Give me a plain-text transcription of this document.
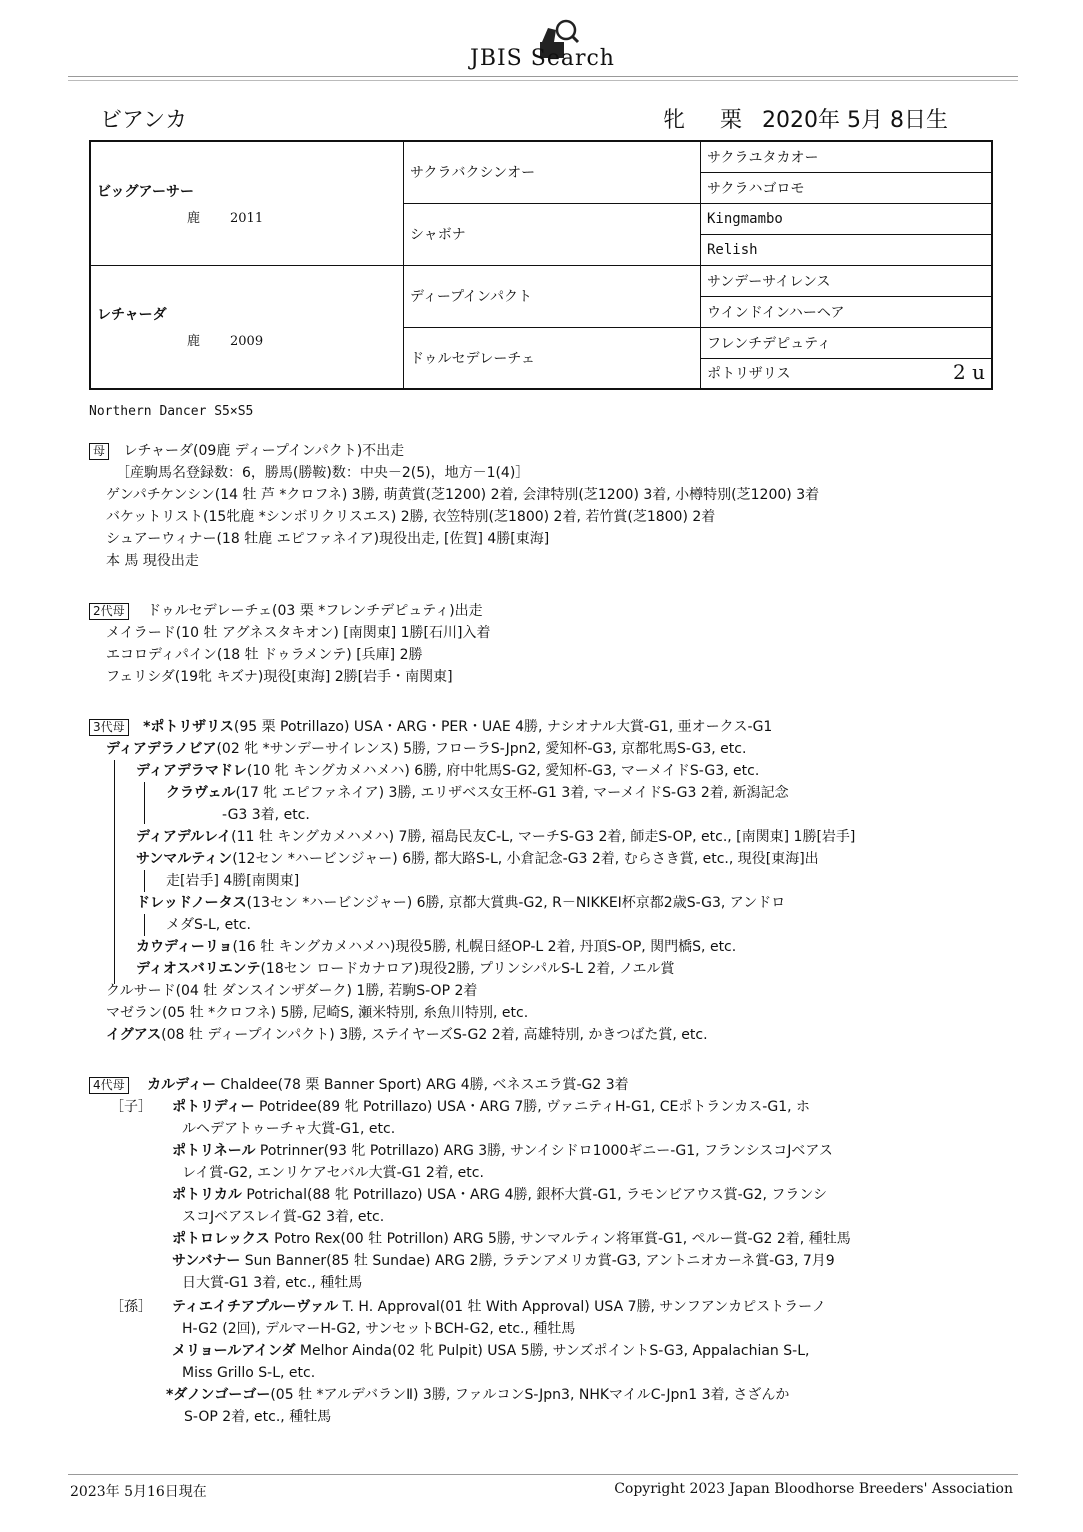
JBIS Search
ビアンカ	牝 栗 2020年 5月 8日生
ビッグアーサー
鹿 2011	サクラバクシンオー	サクラユタカオー
		サクラハゴロモ
	シャボナ	Kingmambo
		Relish

レチャーダ
鹿 2009	ディープインパクト	サンデーサイレンス
		ウインドインハーヘア
	ドゥルセデレーチェ	フレンチデピュティ
		ポトリザリス 2 u
Northern Dancer S5×S5
母 レチャーダ(09鹿 ディープインパクト)不出走
［産駒馬名登録数：6，勝馬(勝鞍)数：中央－2(5)，地方－1(4)］
ゲンパチケンシン(14 牡 芦 *クロフネ) 3勝, 萌黄賞(芝1200) 2着, 会津特別(芝1200) 3着, 小樽特別(芝1200) 3着
バケットリスト(15牝鹿 *シンボリクリスエス) 2勝, 衣笠特別(芝1800) 2着, 若竹賞(芝1800) 2着
シュアーウィナー(18 牡鹿 エピファネイア)現役出走, [佐賀] 4勝[東海]
本 馬 現役出走
2代母 ドゥルセデレーチェ(03 栗 *フレンチデピュティ)出走
メイラード(10 牡 アグネスタキオン) [南関東] 1勝[石川]入着
エコロディパイン(18 牡 ドゥラメンテ) [兵庫] 2勝
フェリシダ(19牝 キズナ)現役[東海] 2勝[岩手・南関東]
3代母 *ポトリザリス(95 栗 Potrillazo) USA・ARG・PER・UAE 4勝, ナシオナル大賞-G1, 亜オークス-G1
ディアデラノビア(02 牝 *サンデーサイレンス) 5勝, フローラS-Jpn2, 愛知杯-G3, 京都牝馬S-G3, etc.
ディアデラマドレ(10 牝 キングカメハメハ) 6勝, 府中牝馬S-G2, 愛知杯-G3, マーメイドS-G3, etc.
クラヴェル(17 牝 エピファネイア) 3勝, エリザベス女王杯-G1 3着, マーメイドS-G3 2着, 新潟記念
-G3 3着, etc.
ディアデルレイ(11 牡 キングカメハメハ) 7勝, 福島民友C-L, マーチS-G3 2着, 師走S-OP, etc., [南関東] 1勝[岩手]
サンマルティン(12セン *ハービンジャー) 6勝, 都大路S-L, 小倉記念-G3 2着, むらさき賞, etc., 現役[東海]出
走[岩手] 4勝[南関東]
ドレッドノータス(13セン *ハービンジャー) 6勝, 京都大賞典-G2, R－NIKKEI杯京都2歳S-G3, アンドロ
メダS-L, etc.
カウディーリョ(16 牡 キングカメハメハ)現役5勝, 札幌日経OP-L 2着, 丹頂S-OP, 関門橋S, etc.
ディオスバリエンテ(18セン ロードカナロア)現役2勝, プリンシパルS-L 2着, ノエル賞
クルサード(04 牡 ダンスインザダーク) 1勝, 若駒S-OP 2着
マゼラン(05 牡 *クロフネ) 5勝, 尼崎S, 瀬米特別, 糸魚川特別, etc.
イグアス(08 牡 ディープインパクト) 3勝, ステイヤーズS-G2 2着, 高雄特別, かきつばた賞, etc.
4代母 カルディー Chaldee(78 栗 Banner Sport) ARG 4勝, ベネスエラ賞-G2 3着
［子］
［孫］
ポトリディー Potridee(89 牝 Potrillazo) USA・ARG 7勝, ヴァニティH-G1, CEポトランカス-G1, ホ
ルヘデアトゥーチャ大賞-G1, etc.
ポトリネール Potrinner(93 牝 Potrillazo) ARG 3勝, サンイシドロ1000ギニー-G1, フランシスコJベアス
レイ賞-G2, エンリケアセバル大賞-G1 2着, etc.
ポトリカル Potrichal(88 牝 Potrillazo) USA・ARG 4勝, 銀杯大賞-G1, ラモンビアウス賞-G2, フランシ
スコJベアスレイ賞-G2 3着, etc.
ポトロレックス Potro Rex(00 牡 Potrillon) ARG 5勝, サンマルティン将軍賞-G1, ペルー賞-G2 2着, 種牡馬
サンバナー Sun Banner(85 牡 Sundae) ARG 2勝, ラテンアメリカ賞-G3, アントニオカーネ賞-G3, 7月9
日大賞-G1 3着, etc., 種牡馬
ティエイチアプルーヴァル T. H. Approval(01 牡 With Approval) USA 7勝, サンフアンカピストラーノ
H-G2 (2回), デルマーH-G2, サンセットBCH-G2, etc., 種牡馬
メリョールアインダ Melhor Ainda(02 牝 Pulpit) USA 5勝, サンズポイントS-G3, Appalachian S-L,
Miss Grillo S-L, etc.
*ダノンゴーゴー(05 牡 *アルデバランⅡ) 3勝, ファルコンS-Jpn3, NHKマイルC-Jpn1 3着, さざんか
S-OP 2着, etc., 種牡馬
2023年 5月16日現在	Copyright 2023 Japan Bloodhorse Breeders' Association
